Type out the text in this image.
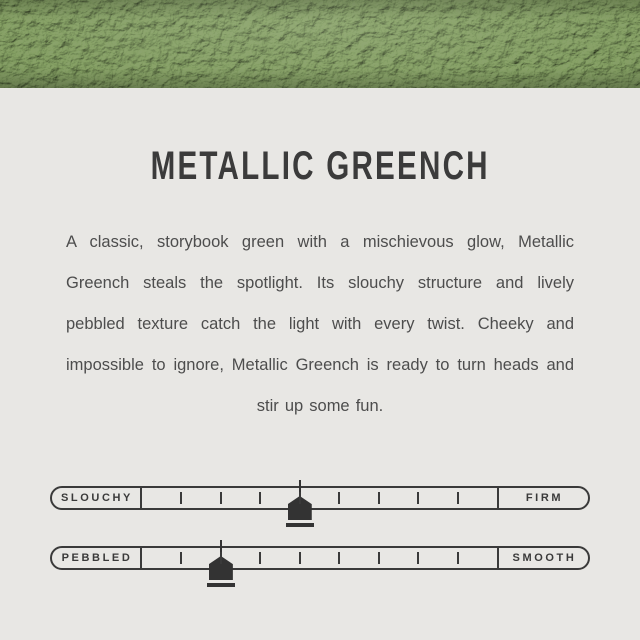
METALLIC GREENCH
A classic, storybook green with a mischievous glow, Metallic
Greench steals the spotlight. Its slouchy structure and lively
pebbled texture catch the light with every twist. Cheeky and
impossible to ignore, Metallic Greench is ready to turn heads and
stir up some fun.
SLOUCHY	FIRM
PEBBLED	SMOOTH
